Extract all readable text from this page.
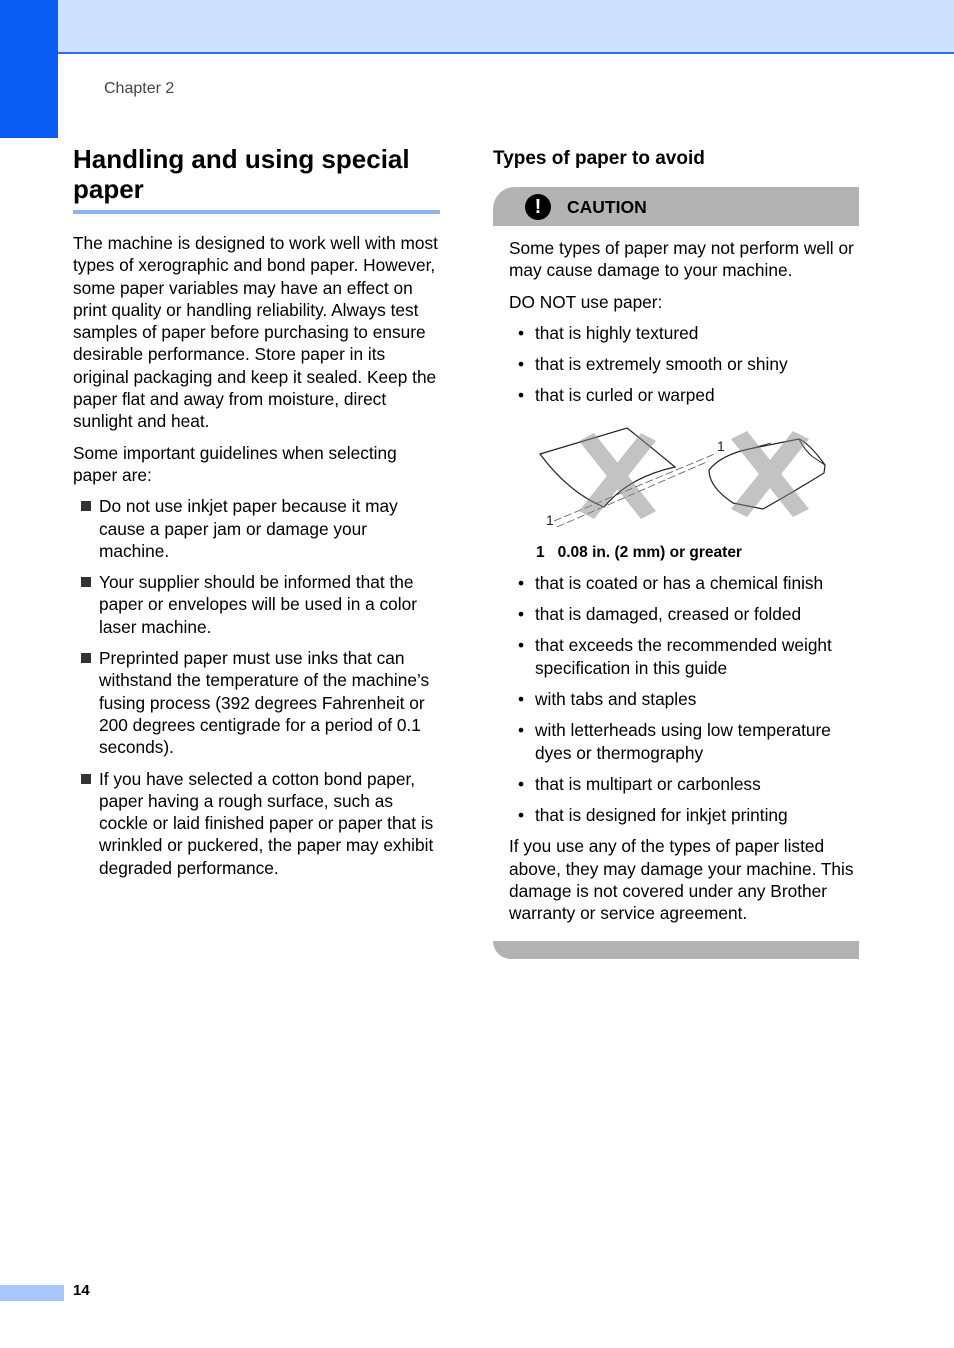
Chapter 2
Handling and using special paper

The machine is designed to work well with most types of xerographic and bond paper. However, some paper variables may have an effect on print quality or handling reliability. Always test samples of paper before purchasing to ensure desirable performance. Store paper in its original packaging and keep it sealed. Keep the paper flat and away from moisture, direct sunlight and heat.

Some important guidelines when selecting paper are:

Do not use inkjet paper because it may cause a paper jam or damage your machine.
Your supplier should be informed that the paper or envelopes will be used in a color laser machine.
Preprinted paper must use inks that can withstand the temperature of the machine’s fusing process (392 degrees Fahrenheit or 200 degrees centigrade for a period of 0.1 seconds).
If you have selected a cotton bond paper, paper having a rough surface, such as cockle or laid finished paper or paper that is wrinkled or puckered, the paper may exhibit degraded performance.
Types of paper to avoid
!	CAUTION

Some types of paper may not perform well or may cause damage to your machine.

DO NOT use paper:

• that is highly textured
• that is extremely smooth or shiny
• that is curled or warped
1
1
1 0.08 in. (2 mm) or greater
• that is coated or has a chemical finish
• that is damaged, creased or folded
• that exceeds the recommended weight specification in this guide
• with tabs and staples
• with letterheads using low temperature dyes or thermography
• that is multipart or carbonless
• that is designed for inkjet printing

If you use any of the types of paper listed above, they may damage your machine. This damage is not covered under any Brother warranty or service agreement.

14
